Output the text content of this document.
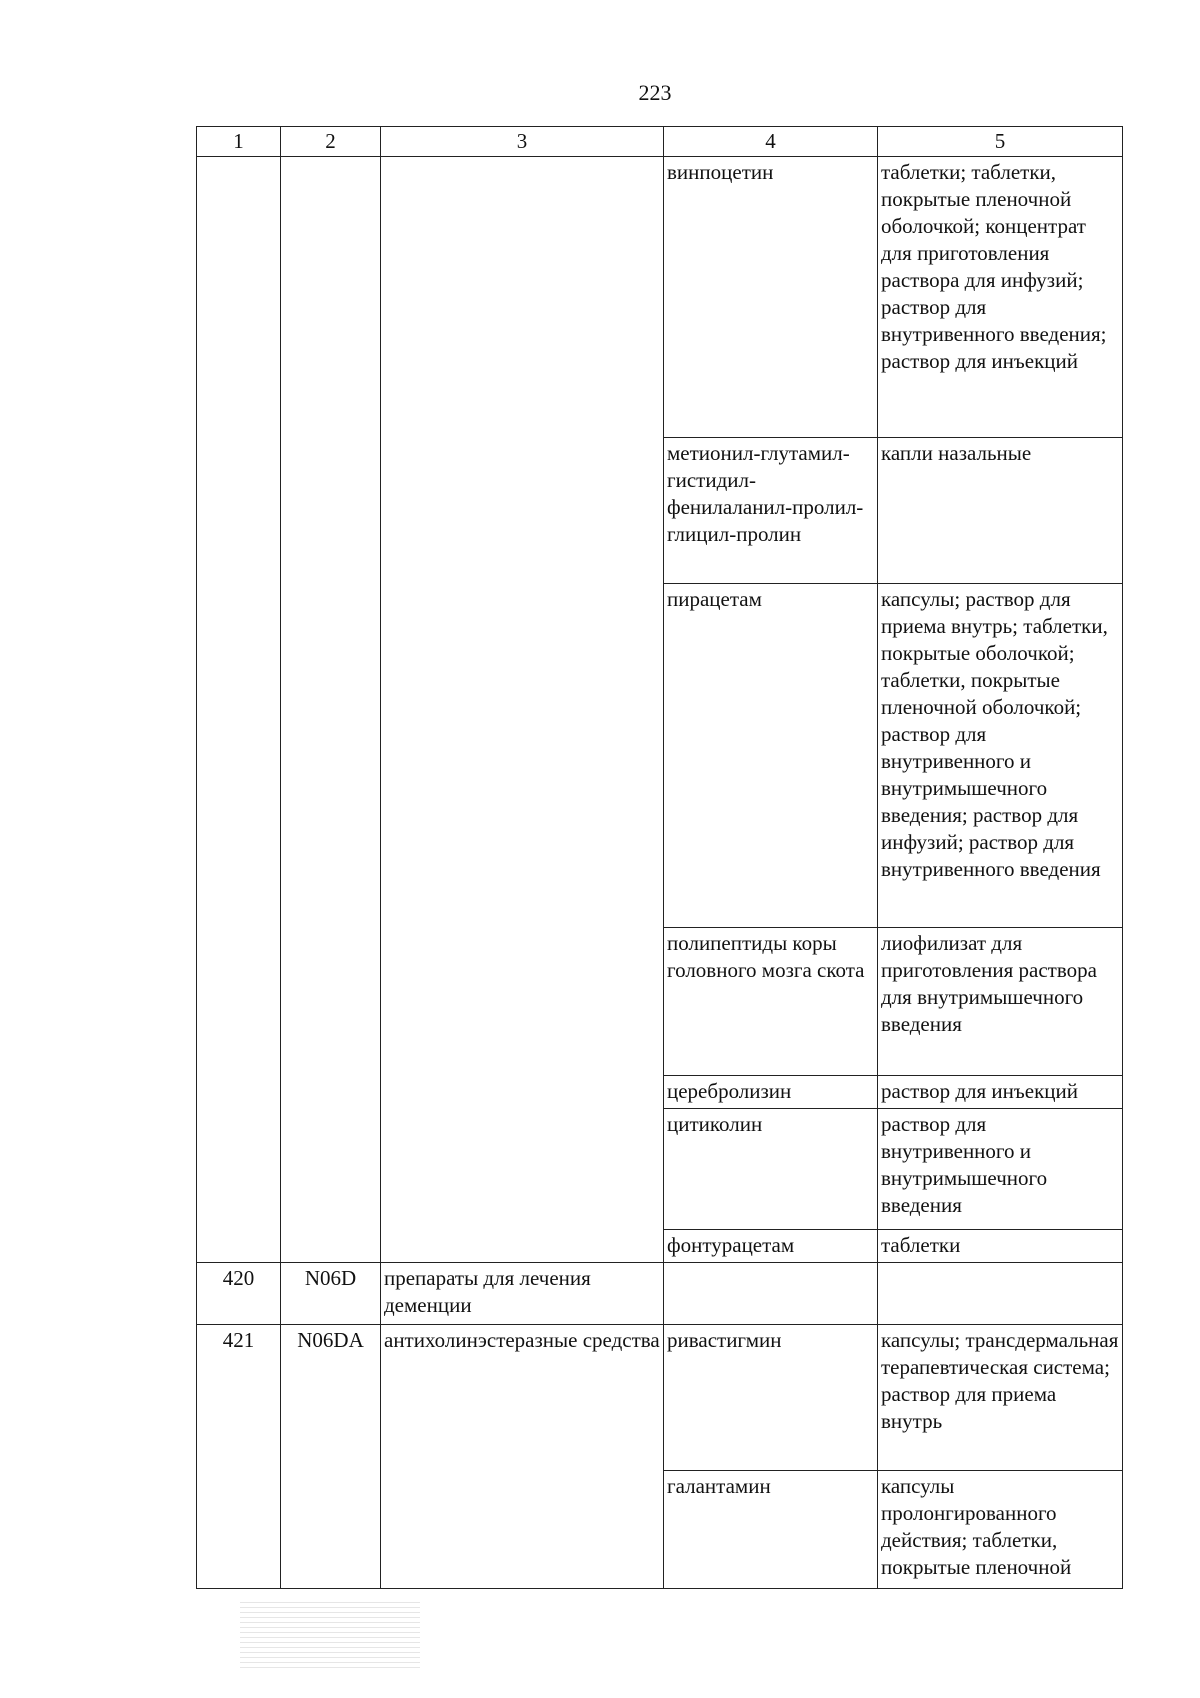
223
1	2	3	4	5
			винпоцетин	таблетки; таблетки, покрытые пленочной оболочкой; концентрат для приготовления раствора для инфузий; раствор для внутривенного введения; раствор для инъекций
			метионил-глутамил-гистидил-фенилаланил-пролил-глицил-пролин	капли назальные
			пирацетам	капсулы; раствор для приема внутрь; таблетки, покрытые оболочкой; таблетки, покрытые пленочной оболочкой; раствор для внутривенного и внутримышечного введения; раствор для инфузий; раствор для внутривенного введения
			полипептиды коры головного мозга скота	лиофилизат для приготовления раствора для внутримышечного введения
			церебролизин	раствор для инъекций
			цитиколин	раствор для внутривенного и внутримышечного введения
			фонтурацетам	таблетки
420	N06D	препараты для лечения деменции		
421	N06DA	антихолинэстеразные средства	ривастигмин	капсулы; трансдермальная терапевтическая система; раствор для приема внутрь
			галантамин	капсулы пролонгированного действия; таблетки, покрытые пленочной
